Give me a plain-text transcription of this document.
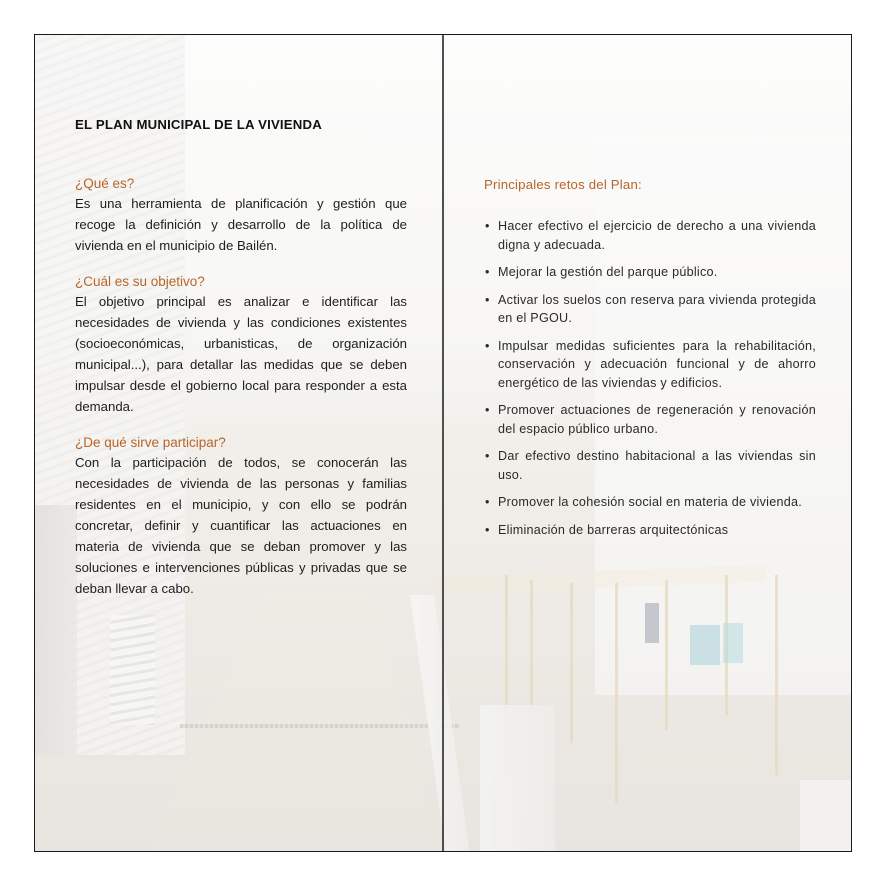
EL PLAN MUNICIPAL DE LA VIVIENDA
¿Qué es?

Es una herramienta de planificación y gestión que recoge la definición y desarrollo de la política de vivienda en el municipio de Bailén.

¿Cuál es su objetivo?

El objetivo principal es analizar e identificar las necesidades de vivienda y las condiciones existentes (socioeconómicas, urbanisticas, de organización municipal...), para detallar las medidas que se deben impulsar desde el gobierno local para responder a esta demanda.

¿De qué sirve participar?

Con la participación de todos, se conocerán las necesidades de vivienda de las personas y familias residentes en el municipio, y con ello se podrán concretar, definir y cuantificar las actuaciones en materia de vivienda que se deban promover y las soluciones e intervenciones públicas y privadas que se deban llevar a cabo.

Principales retos del Plan:
• Hacer efectivo el ejercicio de derecho a una vivienda digna y adecuada.
• Mejorar la gestión del parque público.
• Activar los suelos con reserva para vivienda protegida en el PGOU.
• Impulsar medidas suficientes para la rehabilitación, conservación y adecuación funcional y de ahorro energético de las viviendas y edificios.
• Promover actuaciones de regeneración y renovación del espacio público urbano.
• Dar efectivo destino habitacional a las viviendas sin uso.
• Promover la cohesión social en materia de vivienda.
• Eliminación de barreras arquitectónicas
